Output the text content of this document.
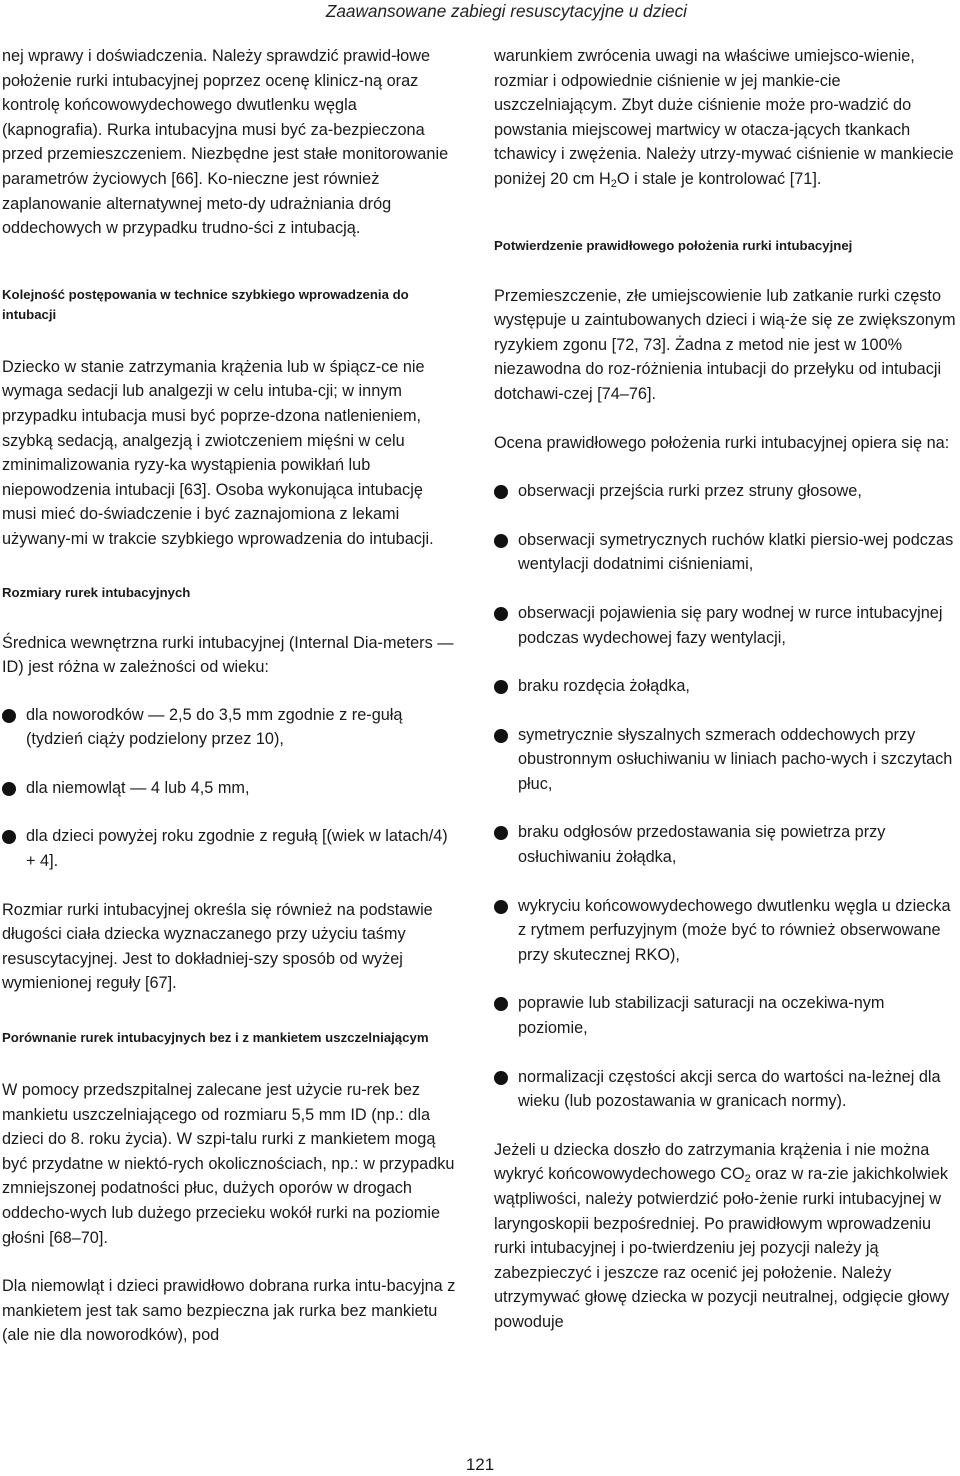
Zaawansowane zabiegi resuscytacyjne u dzieci

nej wprawy i doświadczenia. Należy sprawdzić prawid-łowe położenie rurki intubacyjnej poprzez ocenę klinicz-ną oraz kontrolę końcowowydechowego dwutlenku węgla (kapnografia). Rurka intubacyjna musi być za-bezpieczona przed przemieszczeniem. Niezbędne jest stałe monitorowanie parametrów życiowych [66]. Ko-nieczne jest również zaplanowanie alternatywnej meto-dy udrażniania dróg oddechowych w przypadku trudno-ści z intubacją.

Kolejność postępowania w technice szybkiego wprowadzenia do intubacji

Dziecko w stanie zatrzymania krążenia lub w śpiącz-ce nie wymaga sedacji lub analgezji w celu intuba-cji; w innym przypadku intubacja musi być poprze-dzona natlenieniem, szybką sedacją, analgezją i zwiotczeniem mięśni w celu zminimalizowania ryzy-ka wystąpienia powikłań lub niepowodzenia intubacji [63]. Osoba wykonująca intubację musi mieć do-świadczenie i być zaznajomiona z lekami używany-mi w trakcie szybkiego wprowadzenia do intubacji.

Rozmiary rurek intubacyjnych

Średnica wewnętrzna rurki intubacyjnej (Internal Dia-meters — ID) jest różna w zależności od wieku:

dla noworodków — 2,5 do 3,5 mm zgodnie z re-gułą (tydzień ciąży podzielony przez 10),
dla niemowląt — 4 lub 4,5 mm,
dla dzieci powyżej roku zgodnie z regułą [(wiek w latach/4) + 4].

Rozmiar rurki intubacyjnej określa się również na podstawie długości ciała dziecka wyznaczanego przy użyciu taśmy resuscytacyjnej. Jest to dokładniej-szy sposób od wyżej wymienionej reguły [67].

Porównanie rurek intubacyjnych bez i z mankietem uszczelniającym

W pomocy przedszpitalnej zalecane jest użycie ru-rek bez mankietu uszczelniającego od rozmiaru 5,5 mm ID (np.: dla dzieci do 8. roku życia). W szpi-talu rurki z mankietem mogą być przydatne w niektó-rych okolicznościach, np.: w przypadku zmniejszonej podatności płuc, dużych oporów w drogach oddecho-wych lub dużego przecieku wokół rurki na poziomie głośni [68–70].

Dla niemowląt i dzieci prawidłowo dobrana rurka intu-bacyjna z mankietem jest tak samo bezpieczna jak rurka bez mankietu (ale nie dla noworodków), pod

warunkiem zwrócenia uwagi na właściwe umiejsco-wienie, rozmiar i odpowiednie ciśnienie w jej mankie-cie uszczelniającym. Zbyt duże ciśnienie może pro-wadzić do powstania miejscowej martwicy w otacza-jących tkankach tchawicy i zwężenia. Należy utrzy-mywać ciśnienie w mankiecie poniżej 20 cm $H_2O$ i stale je kontrolować [71].

Potwierdzenie prawidłowego położenia rurki intubacyjnej

Przemieszczenie, złe umiejscowienie lub zatkanie rurki często występuje u zaintubowanych dzieci i wią-że się ze zwiększonym ryzykiem zgonu [72, 73]. Żadna z metod nie jest w 100% niezawodna do roz-różnienia intubacji do przełyku od intubacji dotchawi-czej [74–76].

Ocena prawidłowego położenia rurki intubacyjnej opiera się na:

obserwacji przejścia rurki przez struny głosowe,
obserwacji symetrycznych ruchów klatki piersio-wej podczas wentylacji dodatnimi ciśnieniami,
obserwacji pojawienia się pary wodnej w rurce intubacyjnej podczas wydechowej fazy wentylacji,
braku rozdęcia żołądka,
symetrycznie słyszalnych szmerach oddechowych przy obustronnym osłuchiwaniu w liniach pacho-wych i szczytach płuc,
braku odgłosów przedostawania się powietrza przy osłuchiwaniu żołądka,
wykryciu końcowowydechowego dwutlenku węgla u dziecka z rytmem perfuzyjnym (może być to również obserwowane przy skutecznej RKO),
poprawie lub stabilizacji saturacji na oczekiwa-nym poziomie,
normalizacji częstości akcji serca do wartości na-leżnej dla wieku (lub pozostawania w granicach normy).

Jeżeli u dziecka doszło do zatrzymania krążenia i nie można wykryć końcowowydechowego $CO_2$ oraz w ra-zie jakichkolwiek wątpliwości, należy potwierdzić poło-żenie rurki intubacyjnej w laryngoskopii bezpośredniej. Po prawidłowym wprowadzeniu rurki intubacyjnej i po-twierdzeniu jej pozycji należy ją zabezpieczyć i jeszcze raz ocenić jej położenie. Należy utrzymywać głowę dziecka w pozycji neutralnej, odgięcie głowy powoduje

121
